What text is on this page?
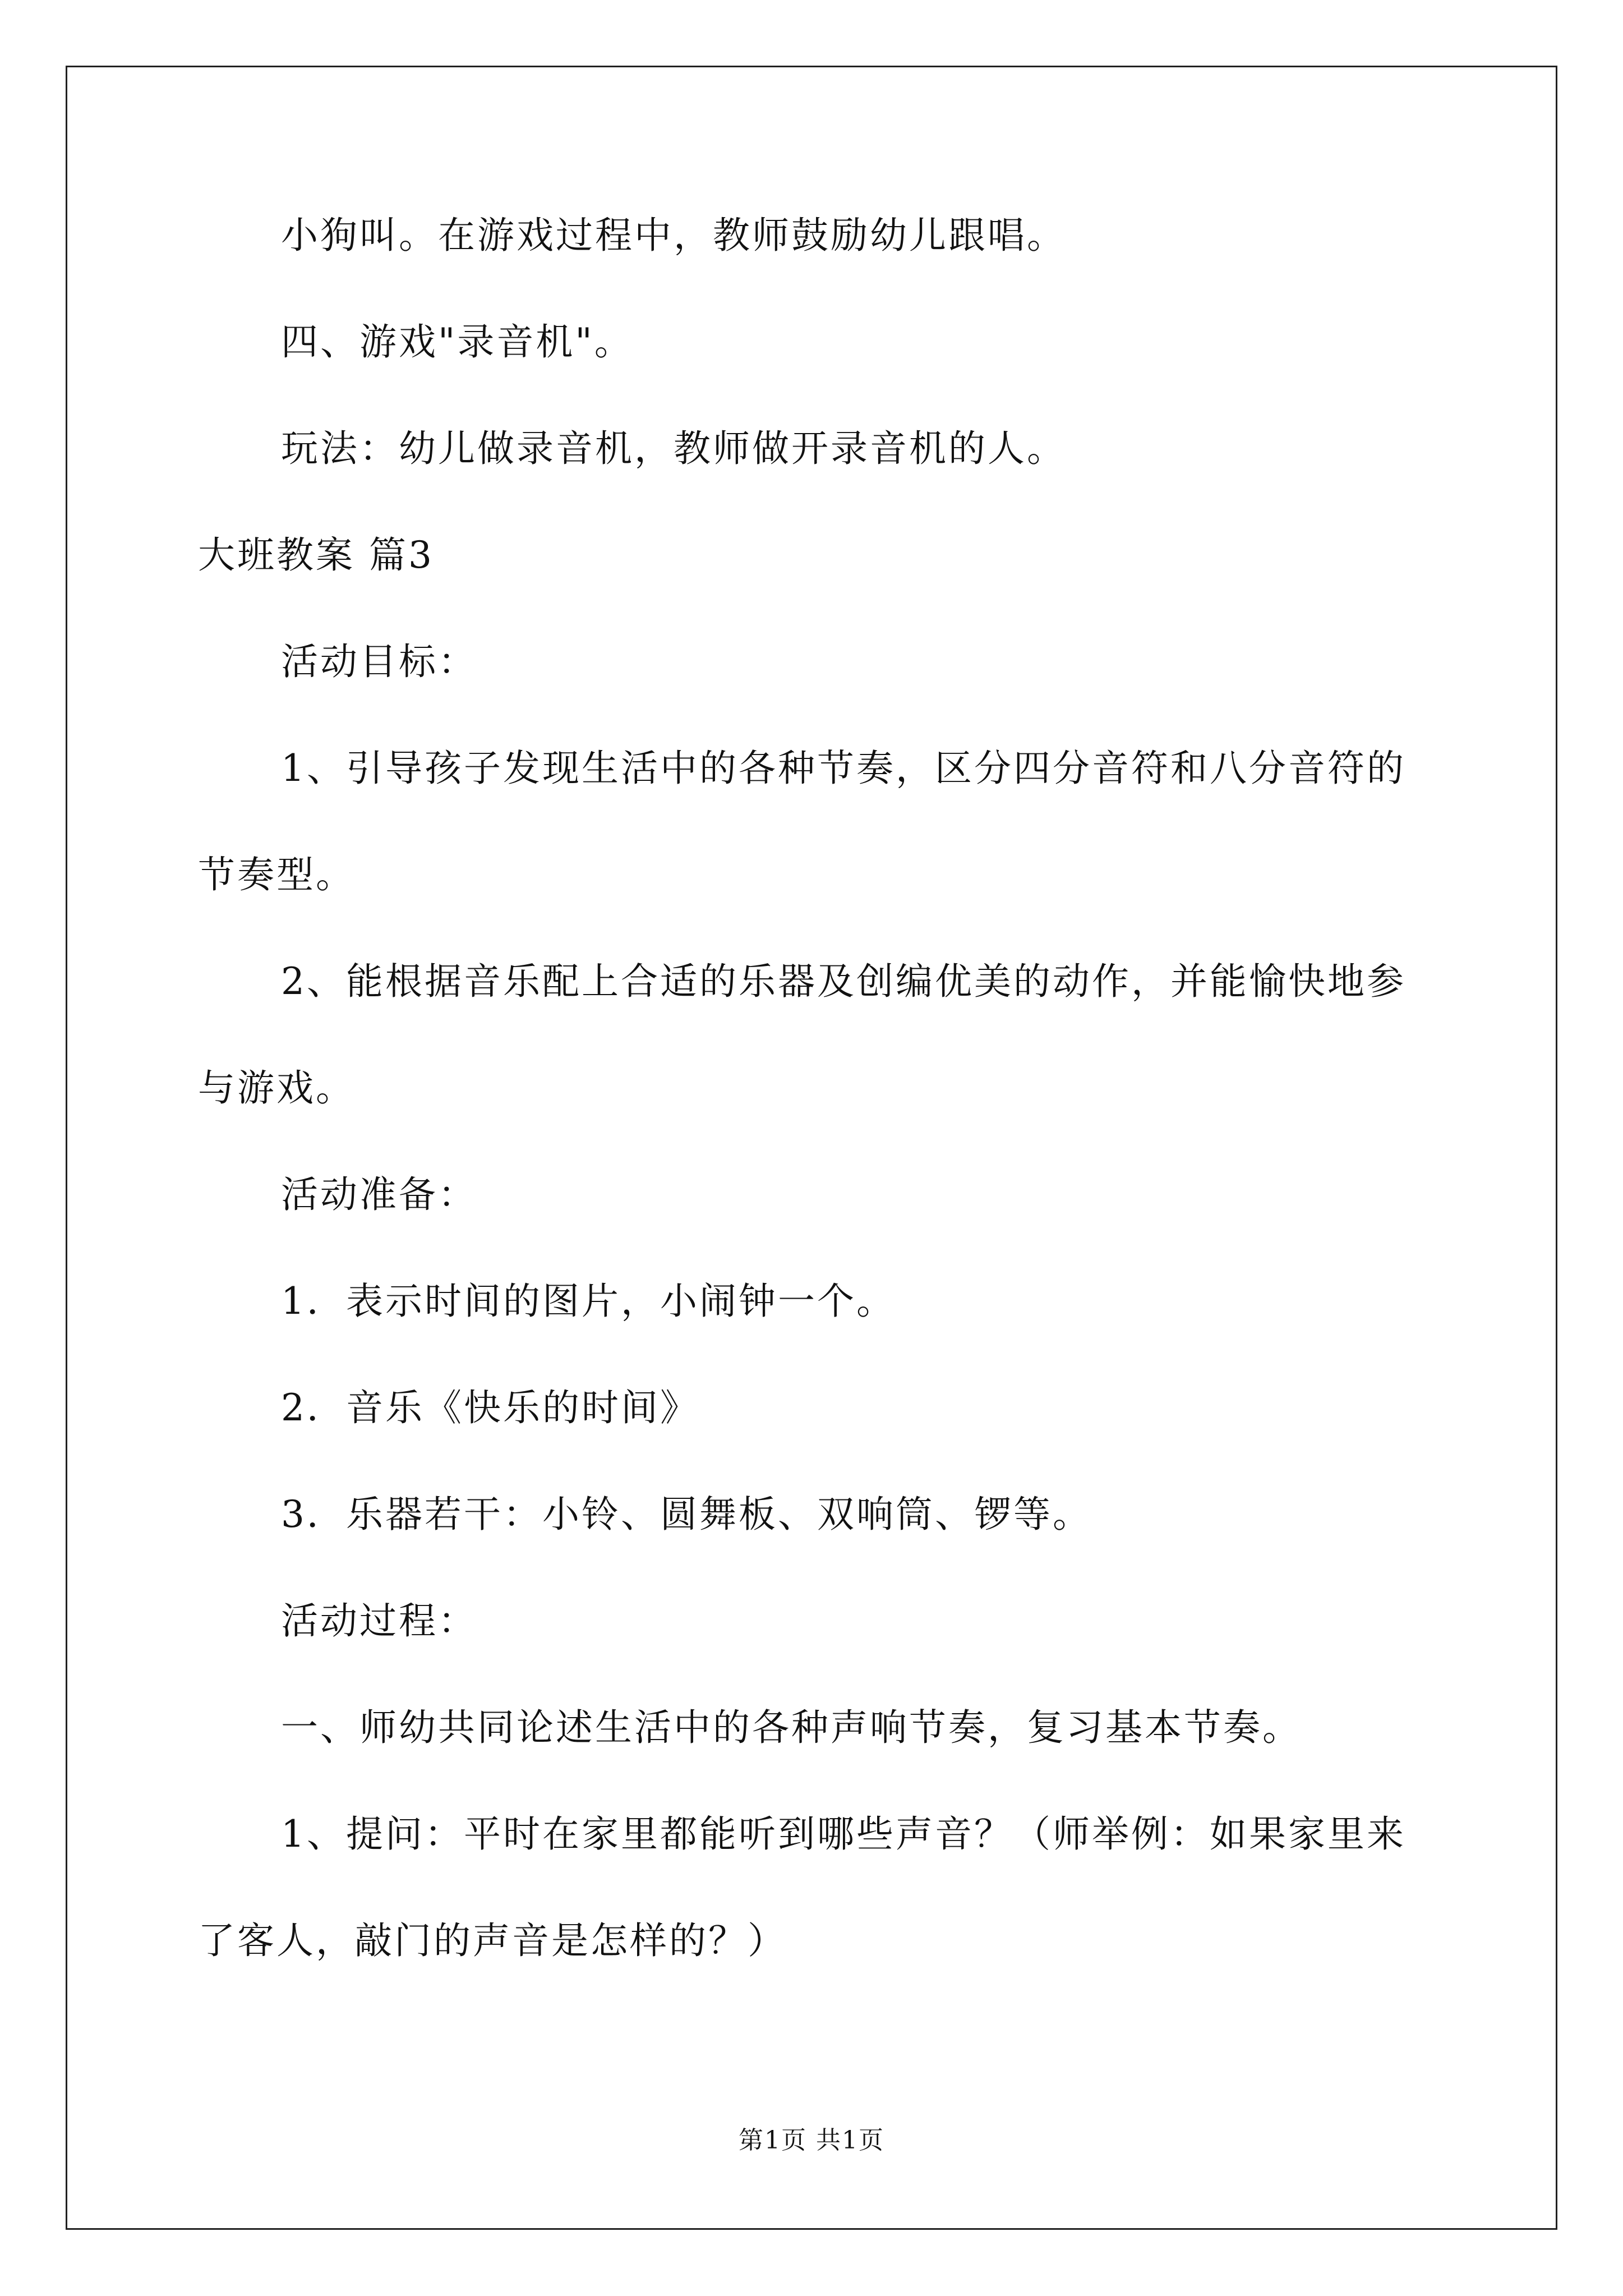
小狗叫。在游戏过程中，教师鼓励幼儿跟唱。
四、游戏"录音机"。
玩法：幼儿做录音机，教师做开录音机的人。
大班教案 篇3
活动目标：
1、引导孩子发现生活中的各种节奏，区分四分音符和八分音符的
节奏型。
2、能根据音乐配上合适的乐器及创编优美的动作，并能愉快地参
与游戏。
活动准备：
1．表示时间的图片，小闹钟一个。
2．音乐《快乐的时间》
3．乐器若干：小铃、圆舞板、双响筒、锣等。
活动过程：
一、师幼共同论述生活中的各种声响节奏，复习基本节奏。
1、提问：平时在家里都能听到哪些声音？（师举例：如果家里来
了客人，敲门的声音是怎样的？）
第1页 共1页
